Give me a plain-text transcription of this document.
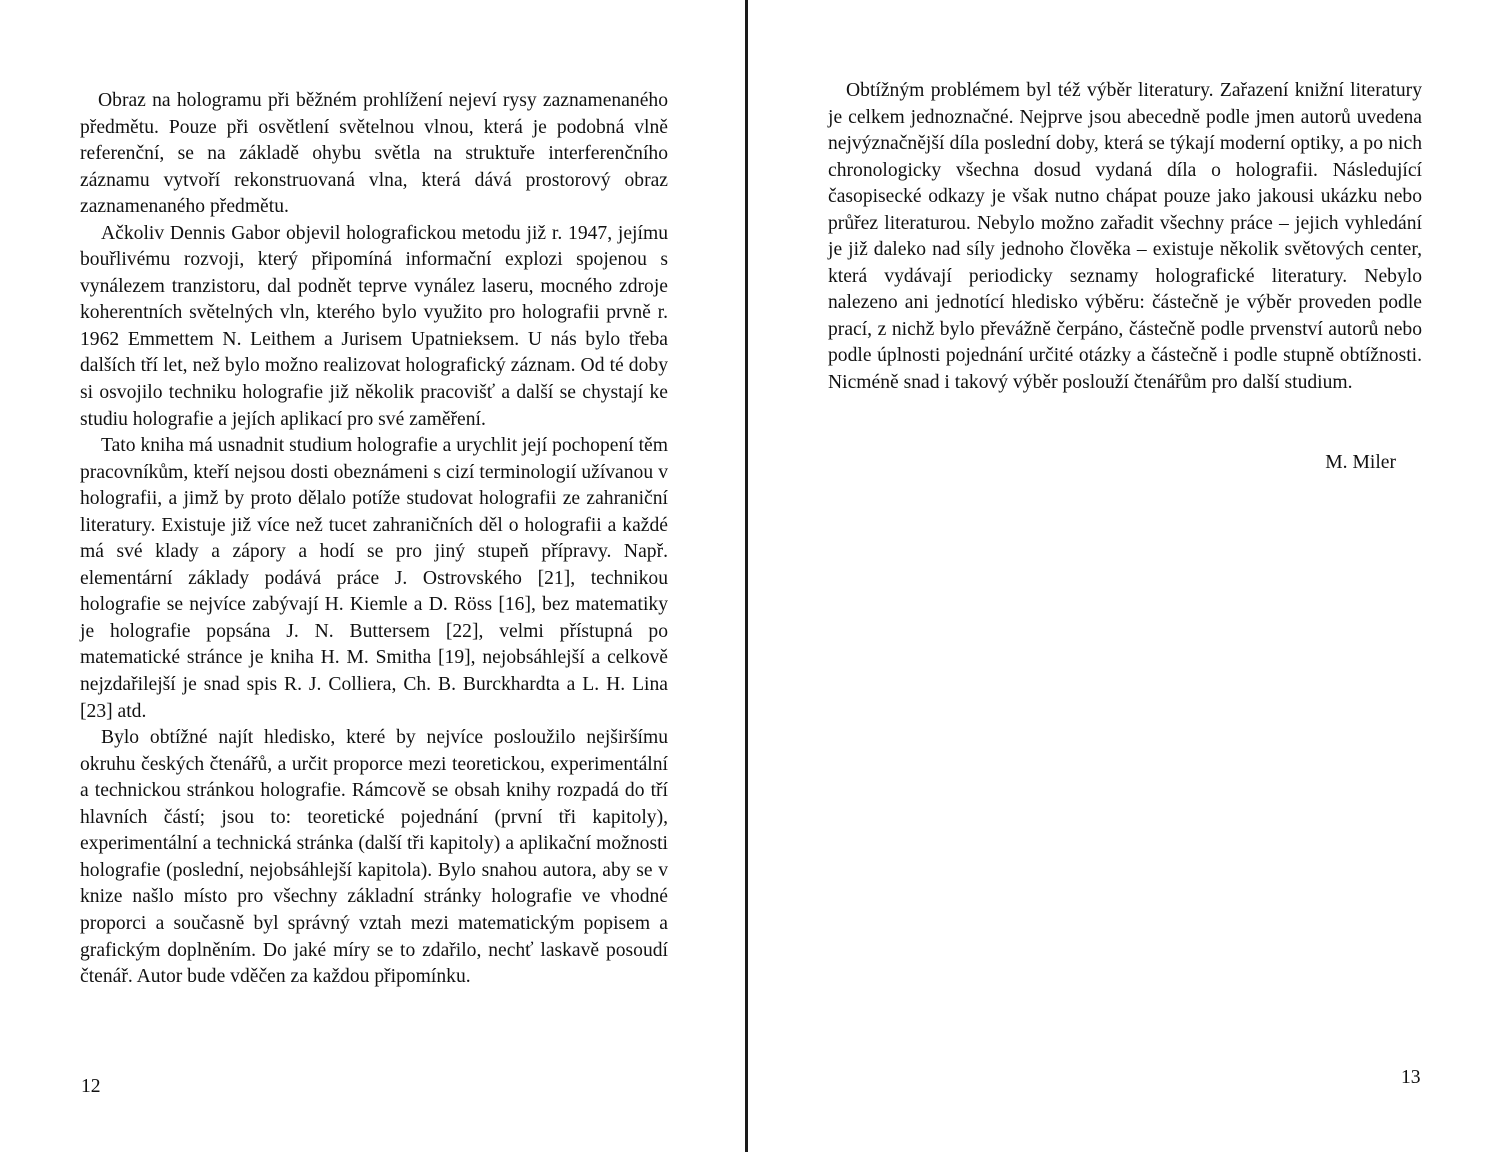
Obraz na hologramu při běžném prohlížení nejeví rysy zaznamenaného předmětu. Pouze při osvětlení světelnou vlnou, která je podobná vlně referenční, se na základě ohybu světla na struktuře interferenčního záznamu vytvoří rekonstruovaná vlna, která dává prostorový obraz zaznamenaného předmětu.

Ačkoliv Dennis Gabor objevil holografickou metodu již r. 1947, jejímu bouřlivému rozvoji, který připomíná informační explozi spojenou s vynálezem tranzistoru, dal podnět teprve vynález laseru, mocného zdroje koherentních světelných vln, kterého bylo využito pro holografii prvně r. 1962 Emmettem N. Leithem a Jurisem Upatnieksem. U nás bylo třeba dalších tří let, než bylo možno realizovat holografický záznam. Od té doby si osvojilo techniku holografie již několik pracovišť a další se chystají ke studiu holografie a jejích aplikací pro své zaměření.

Tato kniha má usnadnit studium holografie a urychlit její pochopení těm pracovníkům, kteří nejsou dosti obeznámeni s cizí terminologií užívanou v holografii, a jimž by proto dělalo potíže studovat holografii ze zahraniční literatury. Existuje již více než tucet zahraničních děl o holografii a každé má své klady a zápory a hodí se pro jiný stupeň přípravy. Např. elementární základy podává práce J. Ostrovského [21], technikou holografie se nejvíce zabývají H. Kiemle a D. Röss [16], bez matematiky je holografie popsána J. N. Buttersem [22], velmi přístupná po matematické stránce je kniha H. M. Smitha [19], nejobsáhlejší a celkově nejzdařilejší je snad spis R. J. Colliera, Ch. B. Burckhardta a L. H. Lina [23] atd.

Bylo obtížné najít hledisko, které by nejvíce posloužilo nejširšímu okruhu českých čtenářů, a určit proporce mezi teoretickou, experimentální a technickou stránkou holografie. Rámcově se obsah knihy rozpadá do tří hlavních částí; jsou to: teoretické pojednání (první tři kapitoly), experimentální a technická stránka (další tři kapitoly) a aplikační možnosti holografie (poslední, nejobsáhlejší kapitola). Bylo snahou autora, aby se v knize našlo místo pro všechny základní stránky holografie ve vhodné proporci a současně byl správný vztah mezi matematickým popisem a grafickým doplněním. Do jaké míry se to zdařilo, nechť laskavě posoudí čtenář. Autor bude vděčen za každou připomínku.

12

Obtížným problémem byl též výběr literatury. Zařazení knižní literatury je celkem jednoznačné. Nejprve jsou abecedně podle jmen autorů uvedena nejvýznačnější díla poslední doby, která se týkají moderní optiky, a po nich chronologicky všechna dosud vydaná díla o holografii. Následující časopisecké odkazy je však nutno chápat pouze jako jakousi ukázku nebo průřez literaturou. Nebylo možno zařadit všechny práce – jejich vyhledání je již daleko nad síly jednoho člověka – existuje několik světových center, která vydávají periodicky seznamy holografické literatury. Nebylo nalezeno ani jednotící hledisko výběru: částečně je výběr proveden podle prací, z nichž bylo převážně čerpáno, částečně podle prvenství autorů nebo podle úplnosti pojednání určité otázky a částečně i podle stupně obtížnosti. Nicméně snad i takový výběr poslouží čtenářům pro další studium.

M. Miler
13
